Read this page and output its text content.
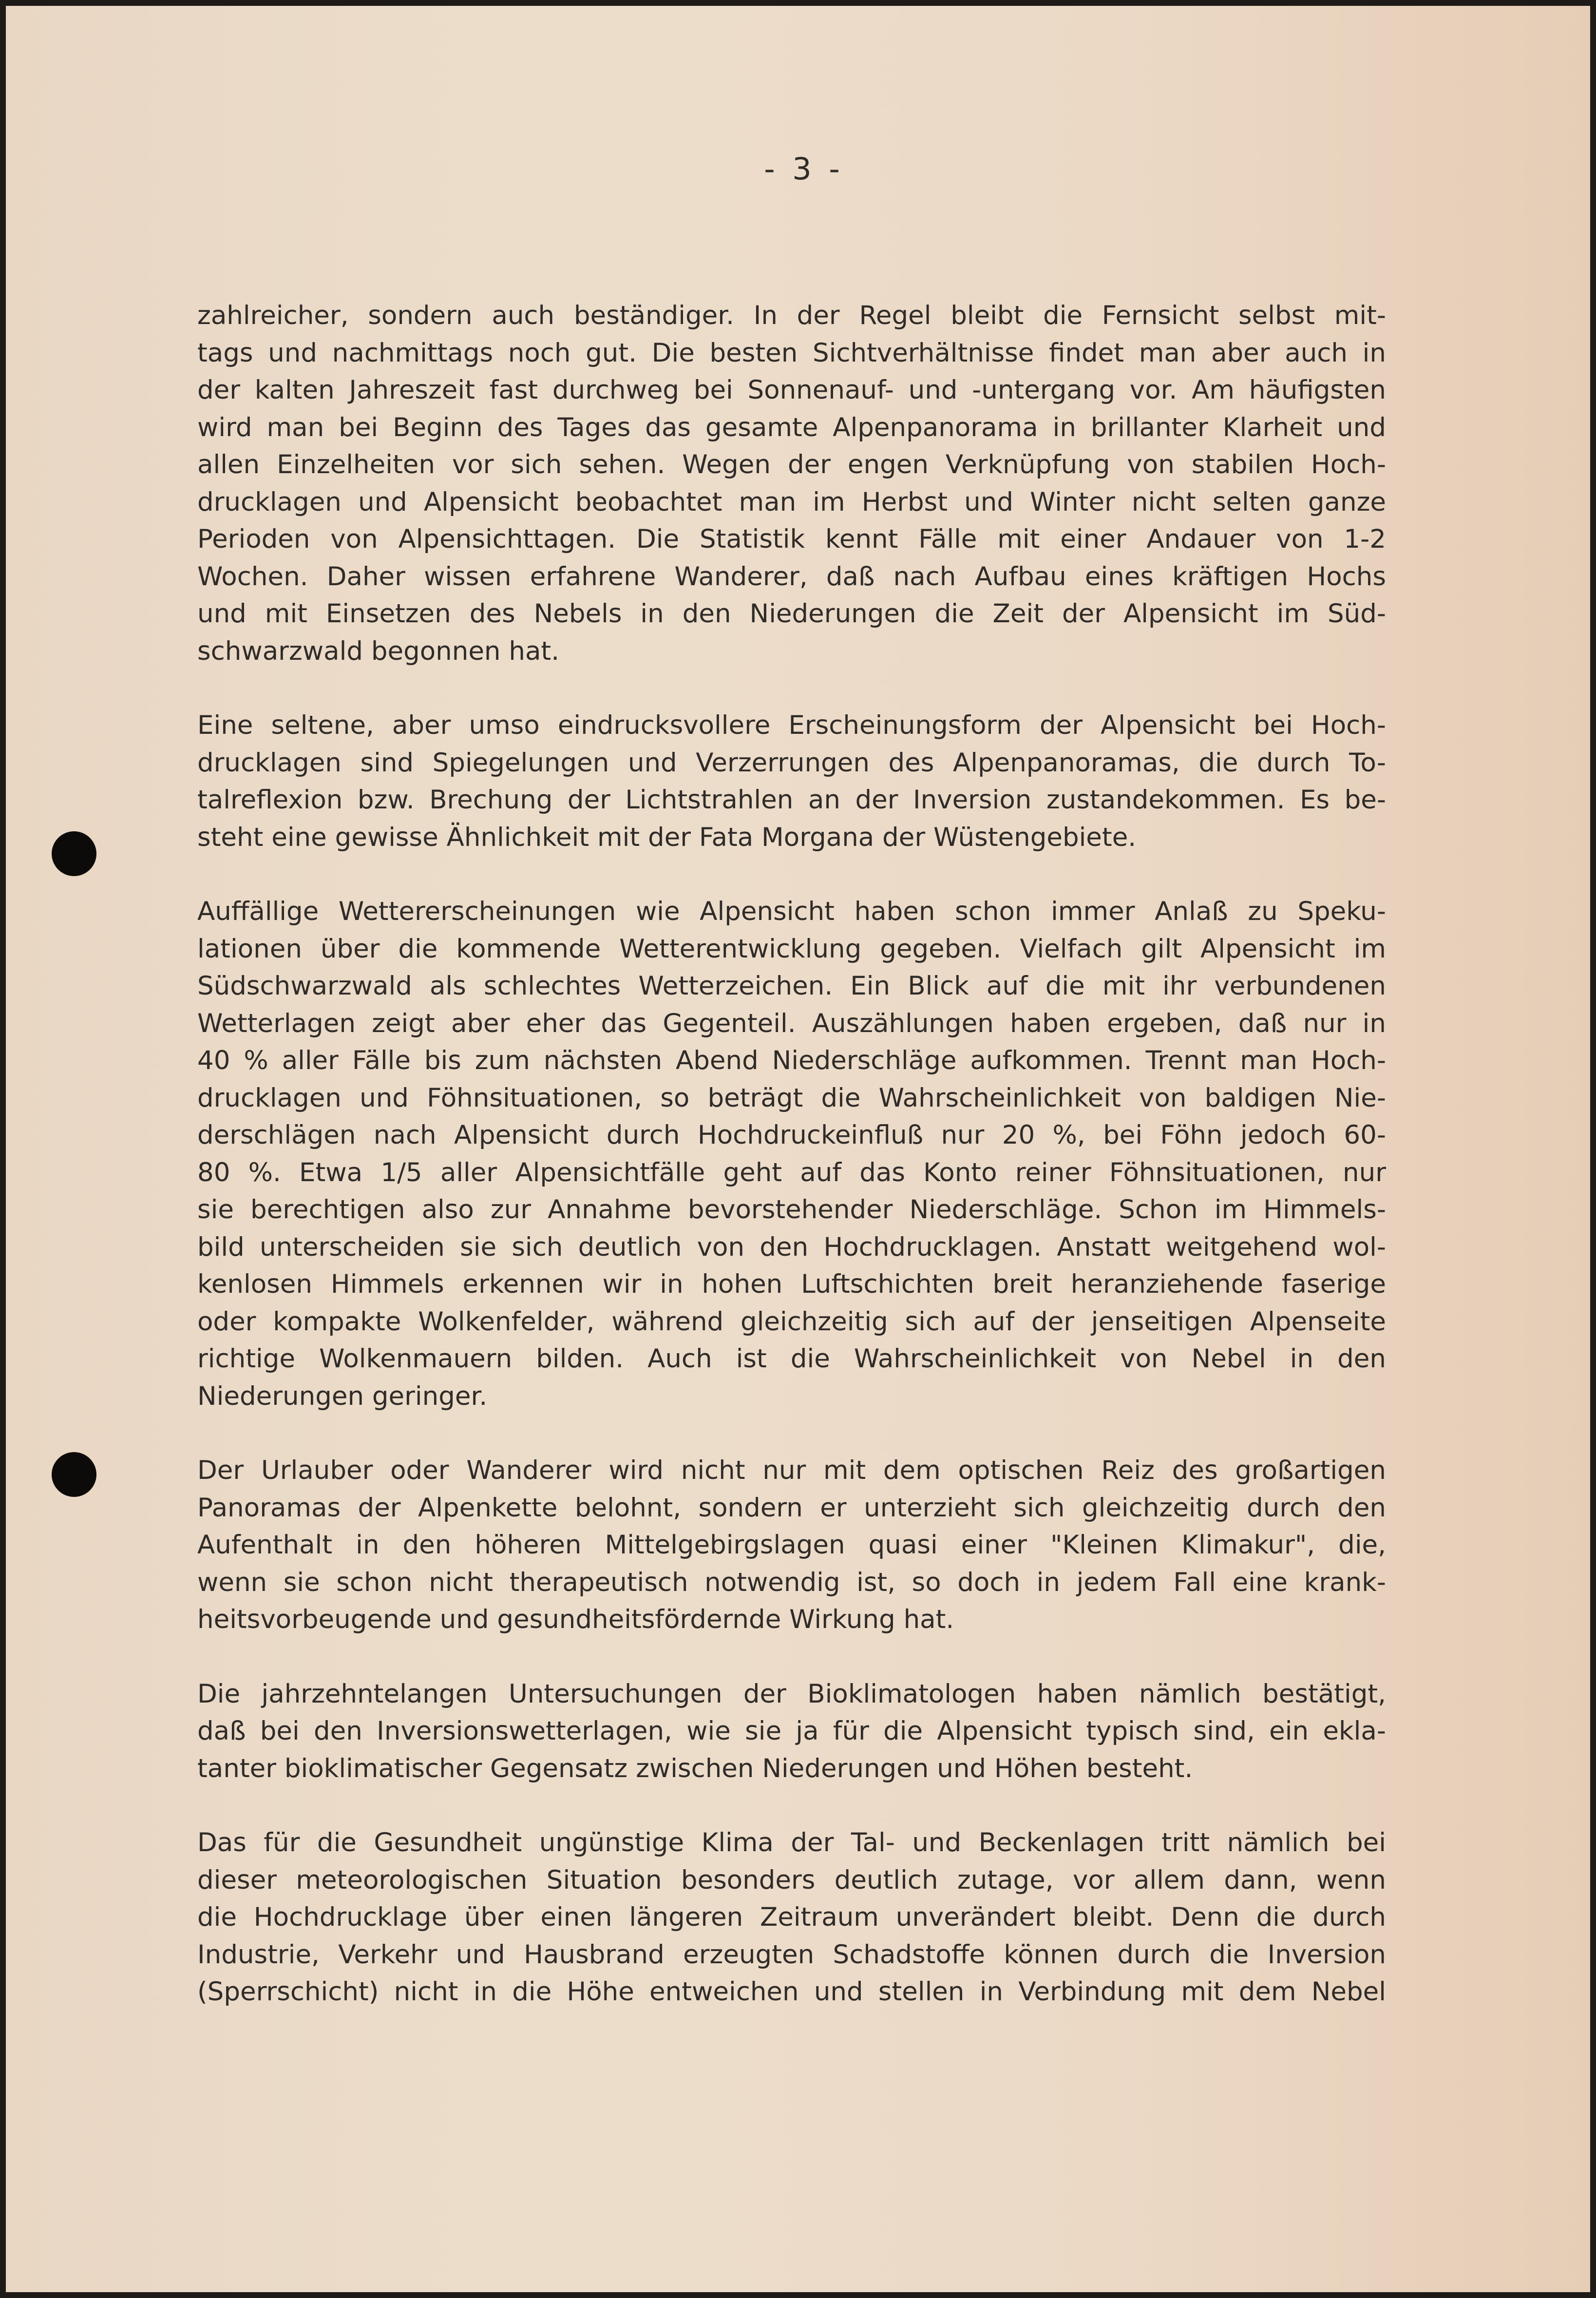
- 3 -
zahlreicher, sondern auch beständiger. In der Regel bleibt die Fernsicht selbst mit-
tags und nachmittags noch gut. Die besten Sichtverhältnisse findet man aber auch in
der kalten Jahreszeit fast durchweg bei Sonnenauf- und -untergang vor. Am häufigsten
wird man bei Beginn des Tages das gesamte Alpenpanorama in brillanter Klarheit und
allen Einzelheiten vor sich sehen. Wegen der engen Verknüpfung von stabilen Hoch-
drucklagen und Alpensicht beobachtet man im Herbst und Winter nicht selten ganze
Perioden von Alpensichttagen. Die Statistik kennt Fälle mit einer Andauer von 1-2
Wochen. Daher wissen erfahrene Wanderer, daß nach Aufbau eines kräftigen Hochs
und mit Einsetzen des Nebels in den Niederungen die Zeit der Alpensicht im Süd-
schwarzwald begonnen hat.
Eine seltene, aber umso eindrucksvollere Erscheinungsform der Alpensicht bei Hoch-
drucklagen sind Spiegelungen und Verzerrungen des Alpenpanoramas, die durch To-
talreflexion bzw. Brechung der Lichtstrahlen an der Inversion zustandekommen. Es be-
steht eine gewisse Ähnlichkeit mit der Fata Morgana der Wüstengebiete.
Auffällige Wettererscheinungen wie Alpensicht haben schon immer Anlaß zu Speku-
lationen über die kommende Wetterentwicklung gegeben. Vielfach gilt Alpensicht im
Südschwarzwald als schlechtes Wetterzeichen. Ein Blick auf die mit ihr verbundenen
Wetterlagen zeigt aber eher das Gegenteil. Auszählungen haben ergeben, daß nur in
40 % aller Fälle bis zum nächsten Abend Niederschläge aufkommen. Trennt man Hoch-
drucklagen und Föhnsituationen, so beträgt die Wahrscheinlichkeit von baldigen Nie-
derschlägen nach Alpensicht durch Hochdruckeinfluß nur 20 %, bei Föhn jedoch 60-
80 %. Etwa 1/5 aller Alpensichtfälle geht auf das Konto reiner Föhnsituationen, nur
sie berechtigen also zur Annahme bevorstehender Niederschläge. Schon im Himmels-
bild unterscheiden sie sich deutlich von den Hochdrucklagen. Anstatt weitgehend wol-
kenlosen Himmels erkennen wir in hohen Luftschichten breit heranziehende faserige
oder kompakte Wolkenfelder, während gleichzeitig sich auf der jenseitigen Alpenseite
richtige Wolkenmauern bilden. Auch ist die Wahrscheinlichkeit von Nebel in den
Niederungen geringer.
Der Urlauber oder Wanderer wird nicht nur mit dem optischen Reiz des großartigen
Panoramas der Alpenkette belohnt, sondern er unterzieht sich gleichzeitig durch den
Aufenthalt in den höheren Mittelgebirgslagen quasi einer "Kleinen Klimakur", die,
wenn sie schon nicht therapeutisch notwendig ist, so doch in jedem Fall eine krank-
heitsvorbeugende und gesundheitsfördernde Wirkung hat.
Die jahrzehntelangen Untersuchungen der Bioklimatologen haben nämlich bestätigt,
daß bei den Inversionswetterlagen, wie sie ja für die Alpensicht typisch sind, ein ekla-
tanter bioklimatischer Gegensatz zwischen Niederungen und Höhen besteht.
Das für die Gesundheit ungünstige Klima der Tal- und Beckenlagen tritt nämlich bei
dieser meteorologischen Situation besonders deutlich zutage, vor allem dann, wenn
die Hochdrucklage über einen längeren Zeitraum unverändert bleibt. Denn die durch
Industrie, Verkehr und Hausbrand erzeugten Schadstoffe können durch die Inversion
(Sperrschicht) nicht in die Höhe entweichen und stellen in Verbindung mit dem Nebel
